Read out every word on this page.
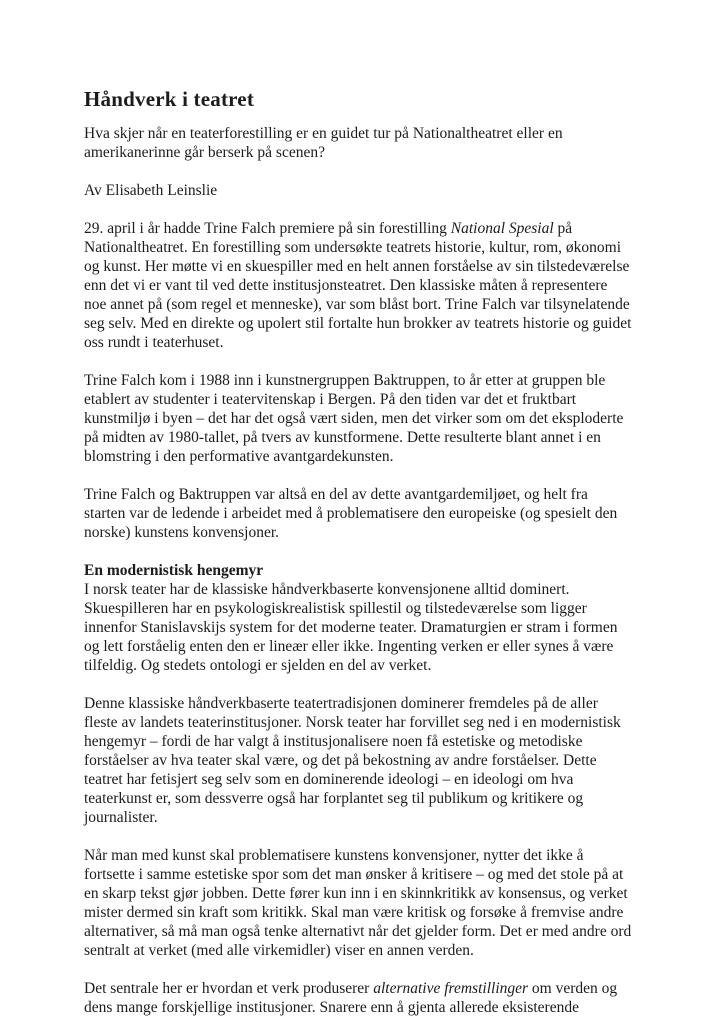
Håndverk i teatret

Hva skjer når en teaterforestilling er en guidet tur på Nationaltheatret eller en amerikanerinne går berserk på scenen?

Av Elisabeth Leinslie

29. april i år hadde Trine Falch premiere på sin forestilling National Spesial på Nationaltheatret. En forestilling som undersøkte teatrets historie, kultur, rom, økonomi og kunst. Her møtte vi en skuespiller med en helt annen forståelse av sin tilstedeværelse enn det vi er vant til ved dette institusjonsteatret. Den klassiske måten å representere noe annet på (som regel et menneske), var som blåst bort. Trine Falch var tilsynelatende seg selv. Med en direkte og upolert stil fortalte hun brokker av teatrets historie og guidet oss rundt i teaterhuset.

Trine Falch kom i 1988 inn i kunstnergruppen Baktruppen, to år etter at gruppen ble etablert av studenter i teatervitenskap i Bergen. På den tiden var det et fruktbart kunstmiljø i byen – det har det også vært siden, men det virker som om det eksploderte på midten av 1980-tallet, på tvers av kunstformene. Dette resulterte blant annet i en blomstring i den performative avantgardekunsten.

Trine Falch og Baktruppen var altså en del av dette avantgardemiljøet, og helt fra starten var de ledende i arbeidet med å problematisere den europeiske (og spesielt den norske) kunstens konvensjoner.

En modernistisk hengemyr

I norsk teater har de klassiske håndverkbaserte konvensjonene alltid dominert. Skuespilleren har en psykologiskrealistisk spillestil og tilstedeværelse som ligger innenfor Stanislavskijs system for det moderne teater. Dramaturgien er stram i formen og lett forståelig enten den er lineær eller ikke. Ingenting verken er eller synes å være tilfeldig. Og stedets ontologi er sjelden en del av verket.

Denne klassiske håndverkbaserte teatertradisjonen dominerer fremdeles på de aller fleste av landets teaterinstitusjoner. Norsk teater har forvillet seg ned i en modernistisk hengemyr – fordi de har valgt å institusjonalisere noen få estetiske og metodiske forståelser av hva teater skal være, og det på bekostning av andre forståelser. Dette teatret har fetisjert seg selv som en dominerende ideologi – en ideologi om hva teaterkunst er, som dessverre også har forplantet seg til publikum og kritikere og journalister.

Når man med kunst skal problematisere kunstens konvensjoner, nytter det ikke å fortsette i samme estetiske spor som det man ønsker å kritisere – og med det stole på at en skarp tekst gjør jobben. Dette fører kun inn i en skinnkritikk av konsensus, og verket mister dermed sin kraft som kritikk. Skal man være kritisk og forsøke å fremvise andre alternativer, så må man også tenke alternativt når det gjelder form. Det er med andre ord sentralt at verket (med alle virkemidler) viser en annen verden.

Det sentrale her er hvordan et verk produserer alternative fremstillinger om verden og dens mange forskjellige institusjoner. Snarere enn å gjenta allerede eksisterende
